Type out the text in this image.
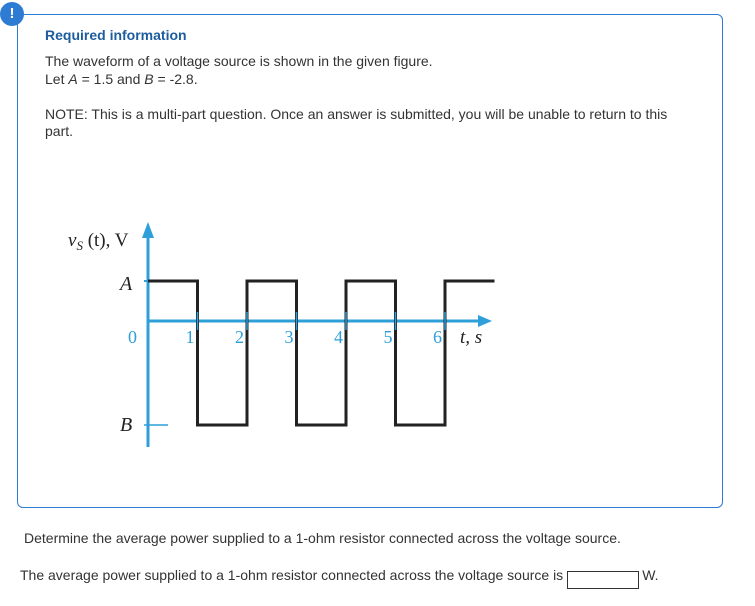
!

Required information

The waveform of a voltage source is shown in the given figure.

Let A = 1.5 and B = -2.8.

NOTE: This is a multi-part question. Once an answer is submitted, you will be unable to return to this part.

$v_S$ (t), V
A
B
0	1 2 3 4 5 6 t, s

Determine the average power supplied to a 1-ohm resistor connected across the voltage source.

The average power supplied to a 1-ohm resistor connected across the voltage source is	W.
